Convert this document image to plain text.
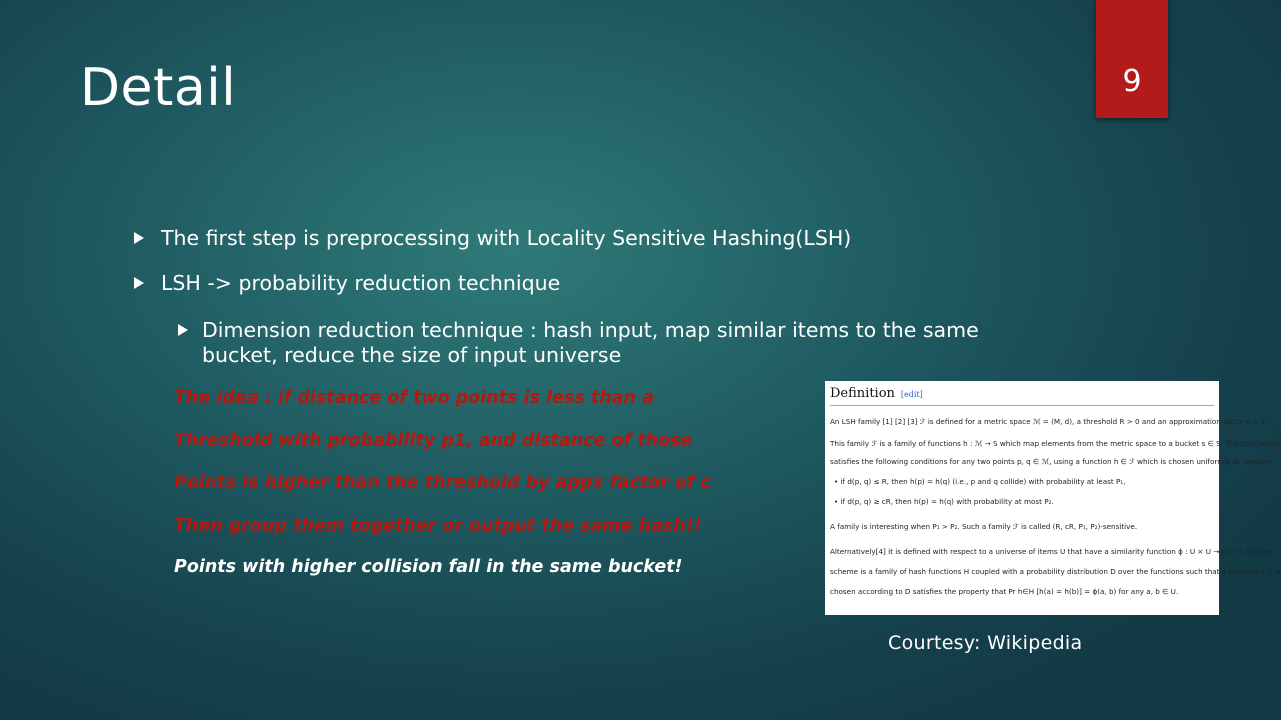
Detail	9
The first step is preprocessing with Locality Sensitive Hashing(LSH)
LSH -> probability reduction technique
Dimension reduction technique : hash input, map similar items to the same bucket, reduce the size of input universe
The idea : if distance of two points is less than a
Threshold with probability p1, and distance of those
Points is higher than the threshold by appx factor of c
Then group them together or output the same hash!!
Points with higher collision fall in the same bucket!
Definition [edit]
An LSH family [1] [2] [3] ℱ is defined for a metric space ℳ = (M, d), a threshold R > 0 and an approximation factor c > 1.
This family ℱ is a family of functions h : ℳ → S which map elements from the metric space to a bucket s ∈ S. The LSH family
satisfies the following conditions for any two points p, q ∈ ℳ, using a function h ∈ ℱ which is chosen uniformly at random:
• if d(p, q) ≤ R, then h(p) = h(q) (i.e., p and q collide) with probability at least P₁,
• if d(p, q) ≥ cR, then h(p) = h(q) with probability at most P₂.
A family is interesting when P₁ > P₂. Such a family ℱ is called (R, cR, P₁, P₂)-sensitive.
Alternatively[4] it is defined with respect to a universe of items U that have a similarity function ϕ : U × U → [0, 1]. An LSH
scheme is a family of hash functions H coupled with a probability distribution D over the functions such that a function h ∈ H
chosen according to D satisfies the property that Pr h∈H [h(a) = h(b)] = ϕ(a, b) for any a, b ∈ U.
Courtesy: Wikipedia
